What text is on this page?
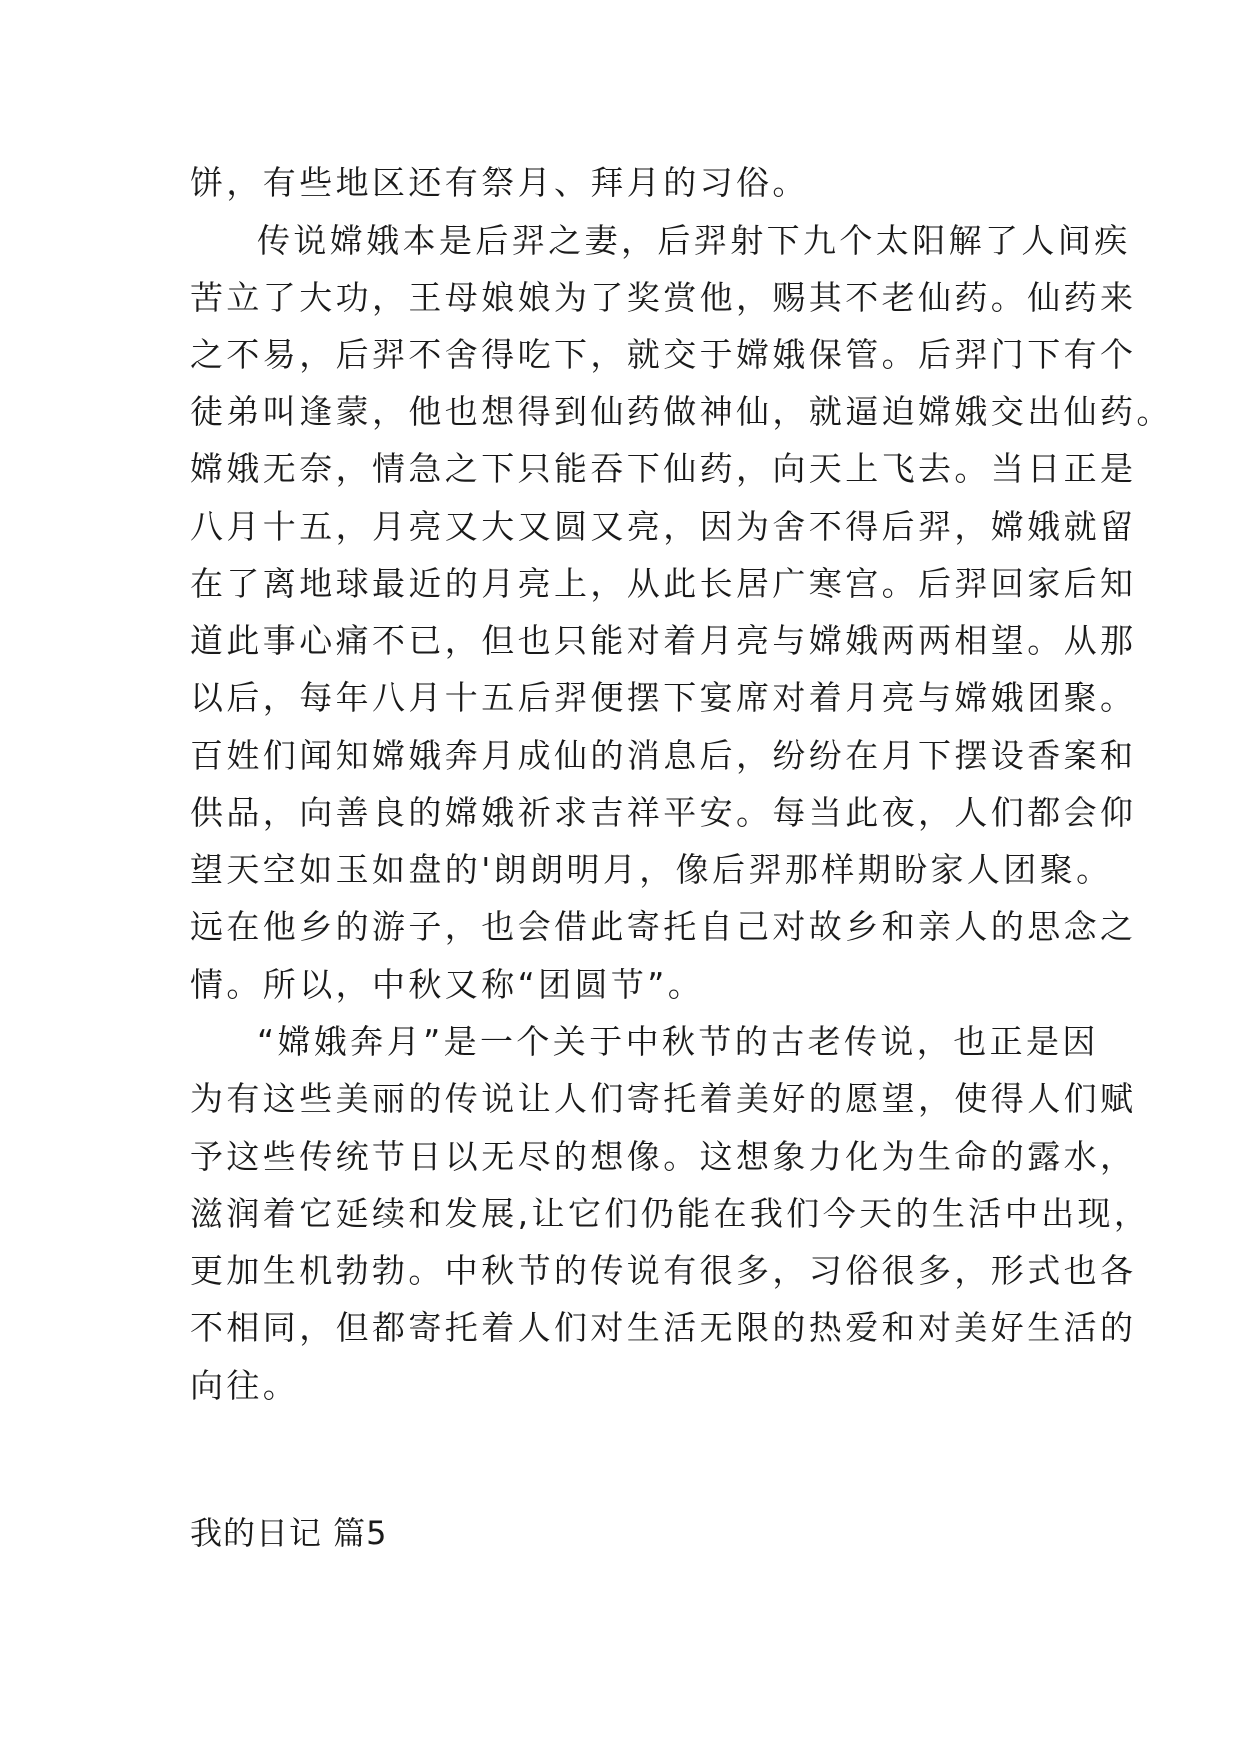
饼，有些地区还有祭月、拜月的习俗。
传说嫦娥本是后羿之妻，后羿射下九个太阳解了人间疾
苦立了大功，王母娘娘为了奖赏他，赐其不老仙药。仙药来
之不易，后羿不舍得吃下，就交于嫦娥保管。后羿门下有个
徒弟叫逢蒙，他也想得到仙药做神仙，就逼迫嫦娥交出仙药。
嫦娥无奈，情急之下只能吞下仙药，向天上飞去。当日正是
八月十五，月亮又大又圆又亮，因为舍不得后羿，嫦娥就留
在了离地球最近的月亮上，从此长居广寒宫。后羿回家后知
道此事心痛不已，但也只能对着月亮与嫦娥两两相望。从那
以后，每年八月十五后羿便摆下宴席对着月亮与嫦娥团聚。
百姓们闻知嫦娥奔月成仙的消息后，纷纷在月下摆设香案和
供品，向善良的嫦娥祈求吉祥平安。每当此夜，人们都会仰
望天空如玉如盘的'朗朗明月，像后羿那样期盼家人团聚。
远在他乡的游子，也会借此寄托自己对故乡和亲人的思念之
情。所以，中秋又称“团圆节”。
“嫦娥奔月”是一个关于中秋节的古老传说，也正是因
为有这些美丽的传说让人们寄托着美好的愿望，使得人们赋
予这些传统节日以无尽的想像。这想象力化为生命的露水，
滋润着它延续和发展,让它们仍能在我们今天的生活中出现，
更加生机勃勃。中秋节的传说有很多，习俗很多，形式也各
不相同，但都寄托着人们对生活无限的热爱和对美好生活的
向往。
我的日记 篇5
